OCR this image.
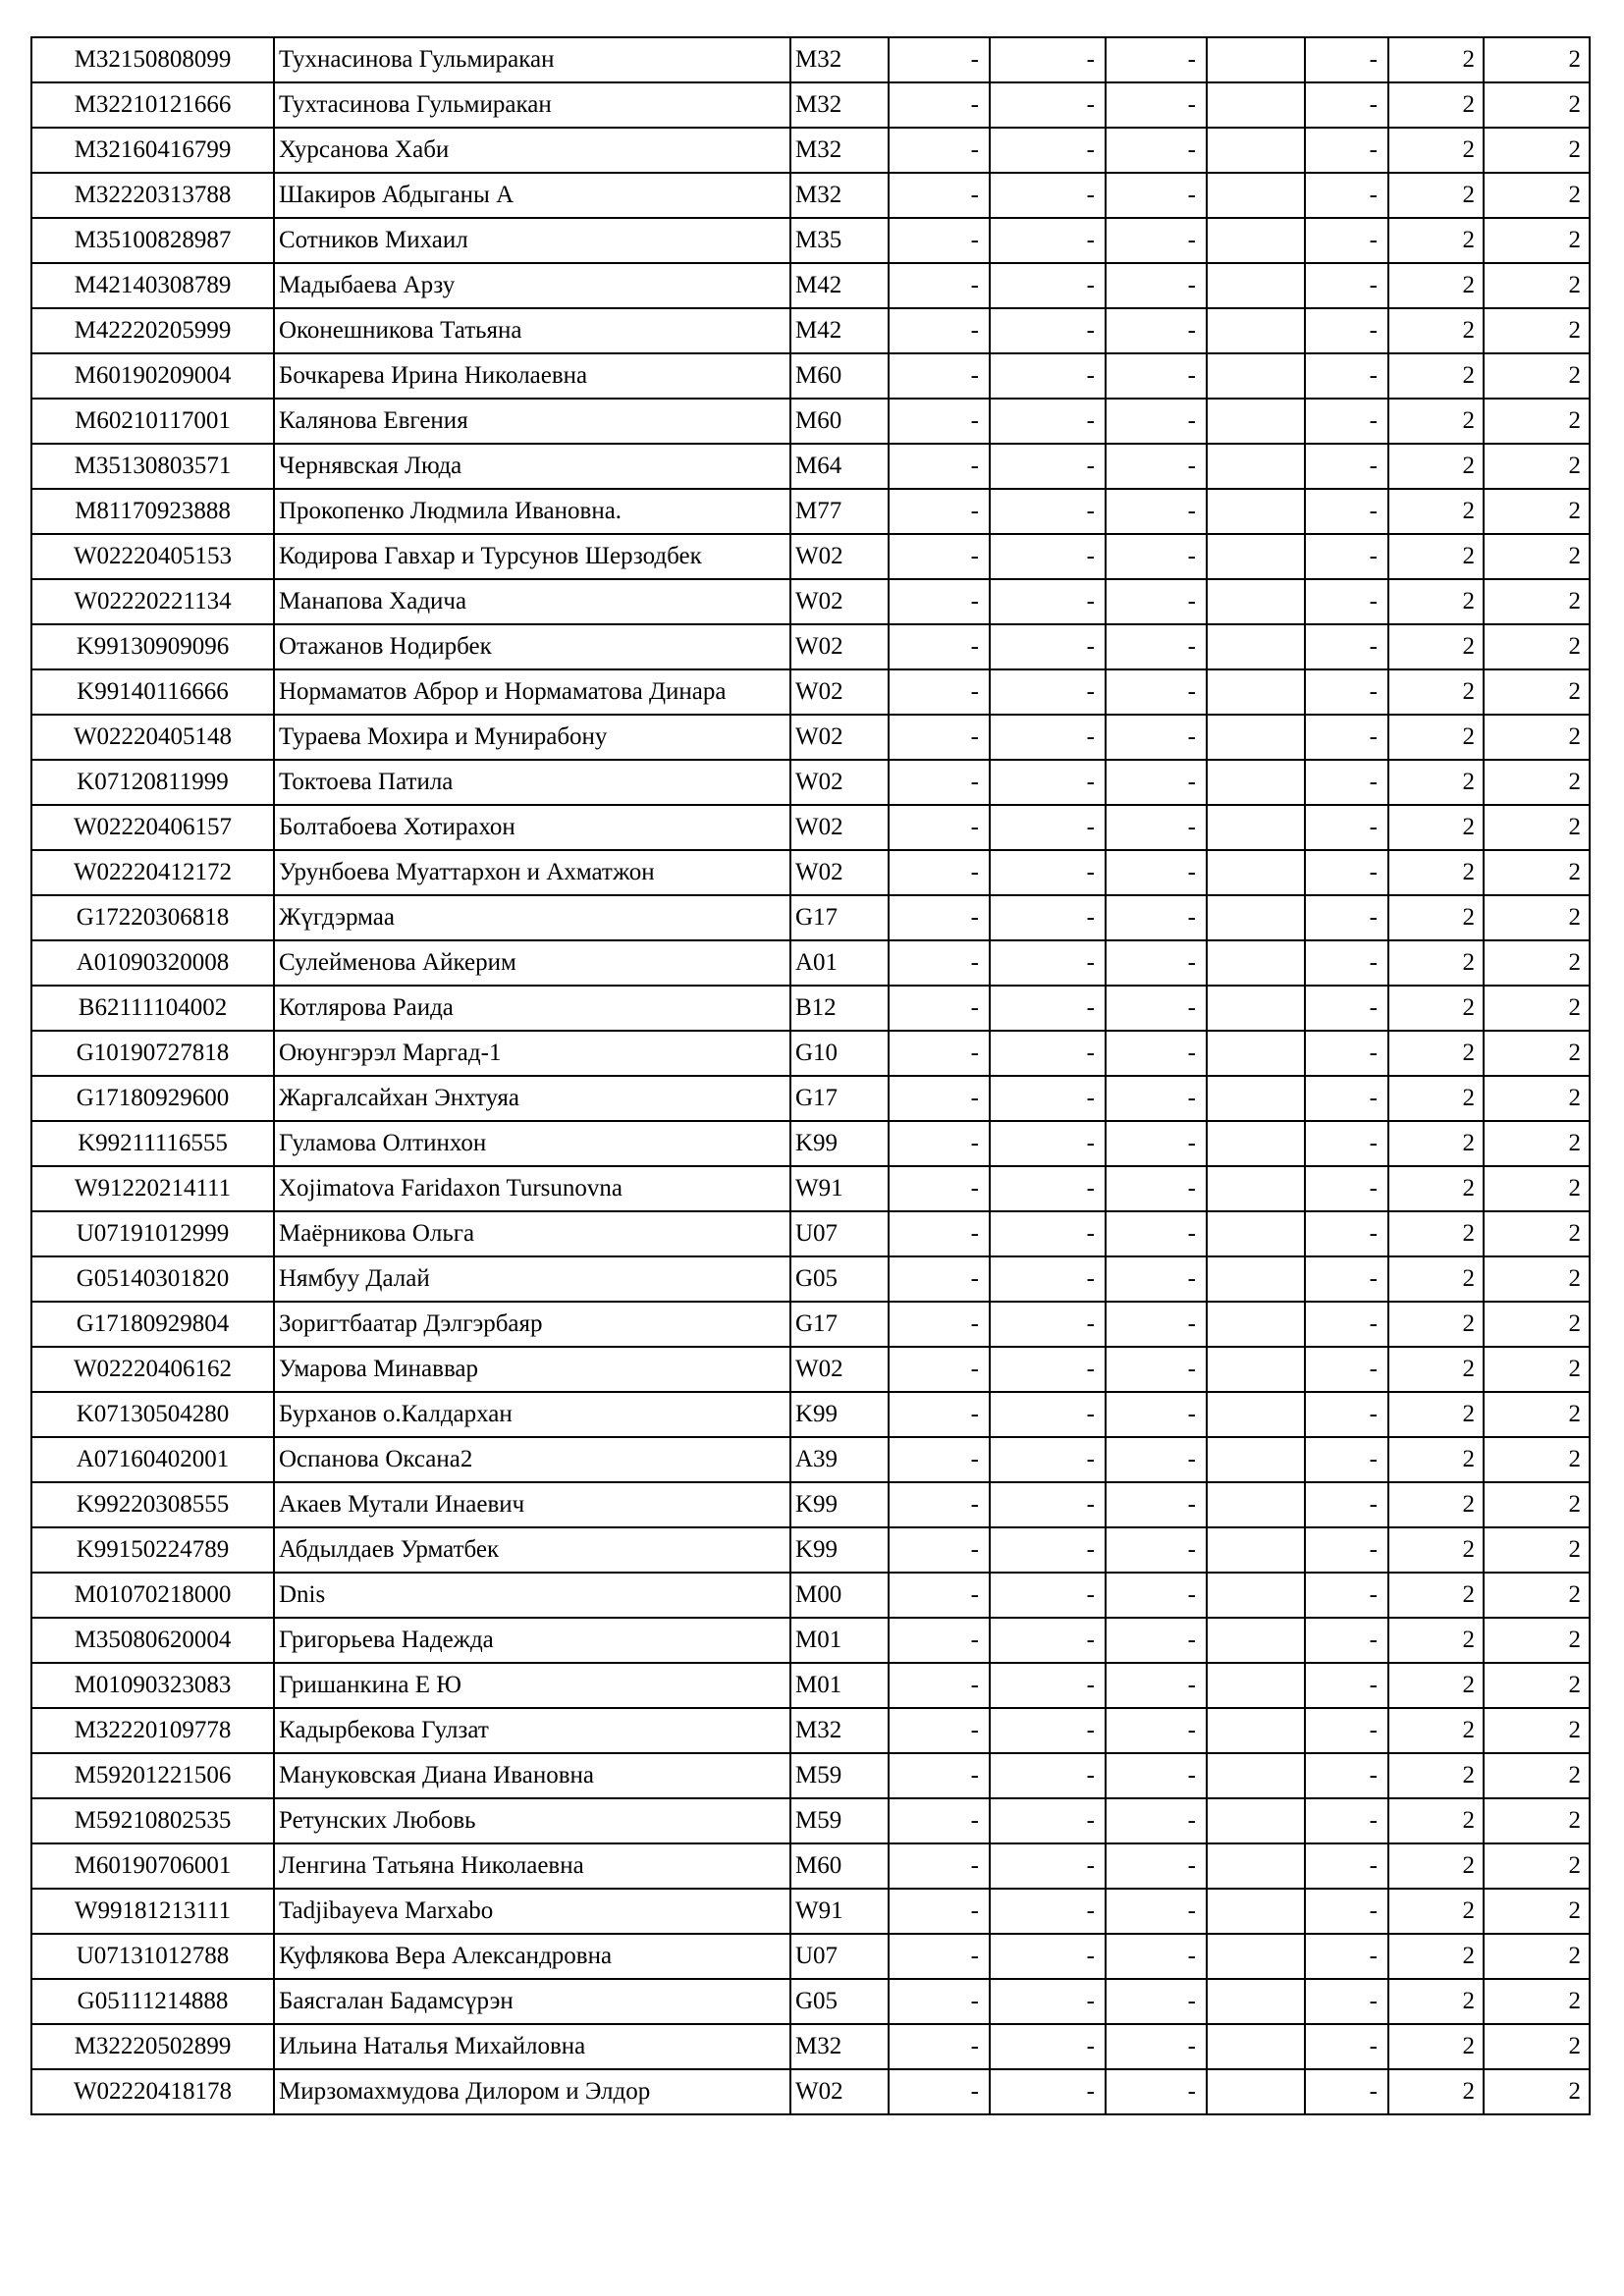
M32150808099	Тухнасинова Гульмиракан	M32	-	-	-		-	2	2
M32210121666	Тухтасинова Гульмиракан	M32	-	-	-		-	2	2
M32160416799	Хурсанова Хаби	M32	-	-	-		-	2	2
M32220313788	Шакиров Абдыганы А	M32	-	-	-		-	2	2
M35100828987	Сотников Михаил	M35	-	-	-		-	2	2
M42140308789	Мадыбаева Арзу	M42	-	-	-		-	2	2
M42220205999	Оконешникова Татьяна	M42	-	-	-		-	2	2
M60190209004	Бочкарева Ирина Николаевна	M60	-	-	-		-	2	2
M60210117001	Калянова Евгения	M60	-	-	-		-	2	2
M35130803571	Чернявская Люда	M64	-	-	-		-	2	2
M81170923888	Прокопенко Людмила Ивановна.	M77	-	-	-		-	2	2
W02220405153	Кодирова Гавхар и Турсунов Шерзодбек	W02	-	-	-		-	2	2
W02220221134	Манапова Хадича	W02	-	-	-		-	2	2
K99130909096	Отажанов Нодирбек	W02	-	-	-		-	2	2
K99140116666	Нормаматов Аброр и Нормаматова Динара	W02	-	-	-		-	2	2
W02220405148	Тураева Мохира и Мунирабону	W02	-	-	-		-	2	2
K07120811999	Токтоева Патила	W02	-	-	-		-	2	2
W02220406157	Болтабоева Хотирахон	W02	-	-	-		-	2	2
W02220412172	Урунбоева Муаттархон и Ахматжон	W02	-	-	-		-	2	2
G17220306818	Жүгдэрмаа	G17	-	-	-		-	2	2
A01090320008	Сулейменова Айкерим	A01	-	-	-		-	2	2
B62111104002	Котлярова Раида	B12	-	-	-		-	2	2
G10190727818	Оюунгэрэл Маргад-1	G10	-	-	-		-	2	2
G17180929600	Жаргалсайхан Энхтуяа	G17	-	-	-		-	2	2
K99211116555	Гуламова Олтинхон	K99	-	-	-		-	2	2
W91220214111	Xojimatova Faridaxon Tursunovna	W91	-	-	-		-	2	2
U07191012999	Маёрникова Ольга	U07	-	-	-		-	2	2
G05140301820	Нямбуу Далай	G05	-	-	-		-	2	2
G17180929804	Зоригтбаатар Дэлгэрбаяр	G17	-	-	-		-	2	2
W02220406162	Умарова Минаввар	W02	-	-	-		-	2	2
K07130504280	Бурханов о.Калдархан	K99	-	-	-		-	2	2
A07160402001	Оспанова Оксана2	A39	-	-	-		-	2	2
K99220308555	Акаев Мутали Инаевич	K99	-	-	-		-	2	2
K99150224789	Абдылдаев Урматбек	K99	-	-	-		-	2	2
M01070218000	Dnis	M00	-	-	-		-	2	2
M35080620004	Григорьева Надежда	M01	-	-	-		-	2	2
M01090323083	Гришанкина Е Ю	M01	-	-	-		-	2	2
M32220109778	Кадырбекова Гулзат	M32	-	-	-		-	2	2
M59201221506	Мануковская Диана Ивановна	M59	-	-	-		-	2	2
M59210802535	Ретунских Любовь	M59	-	-	-		-	2	2
M60190706001	Ленгина Татьяна Николаевна	M60	-	-	-		-	2	2
W99181213111	Tadjibayeva Marxabo	W91	-	-	-		-	2	2
U07131012788	Куфлякова Вера Александровна	U07	-	-	-		-	2	2
G05111214888	Баясгалан Бадамсүрэн	G05	-	-	-		-	2	2
M32220502899	Ильина Наталья Михайловна	M32	-	-	-		-	2	2
W02220418178	Мирзомахмудова Дилором и Элдор	W02	-	-	-		-	2	2
